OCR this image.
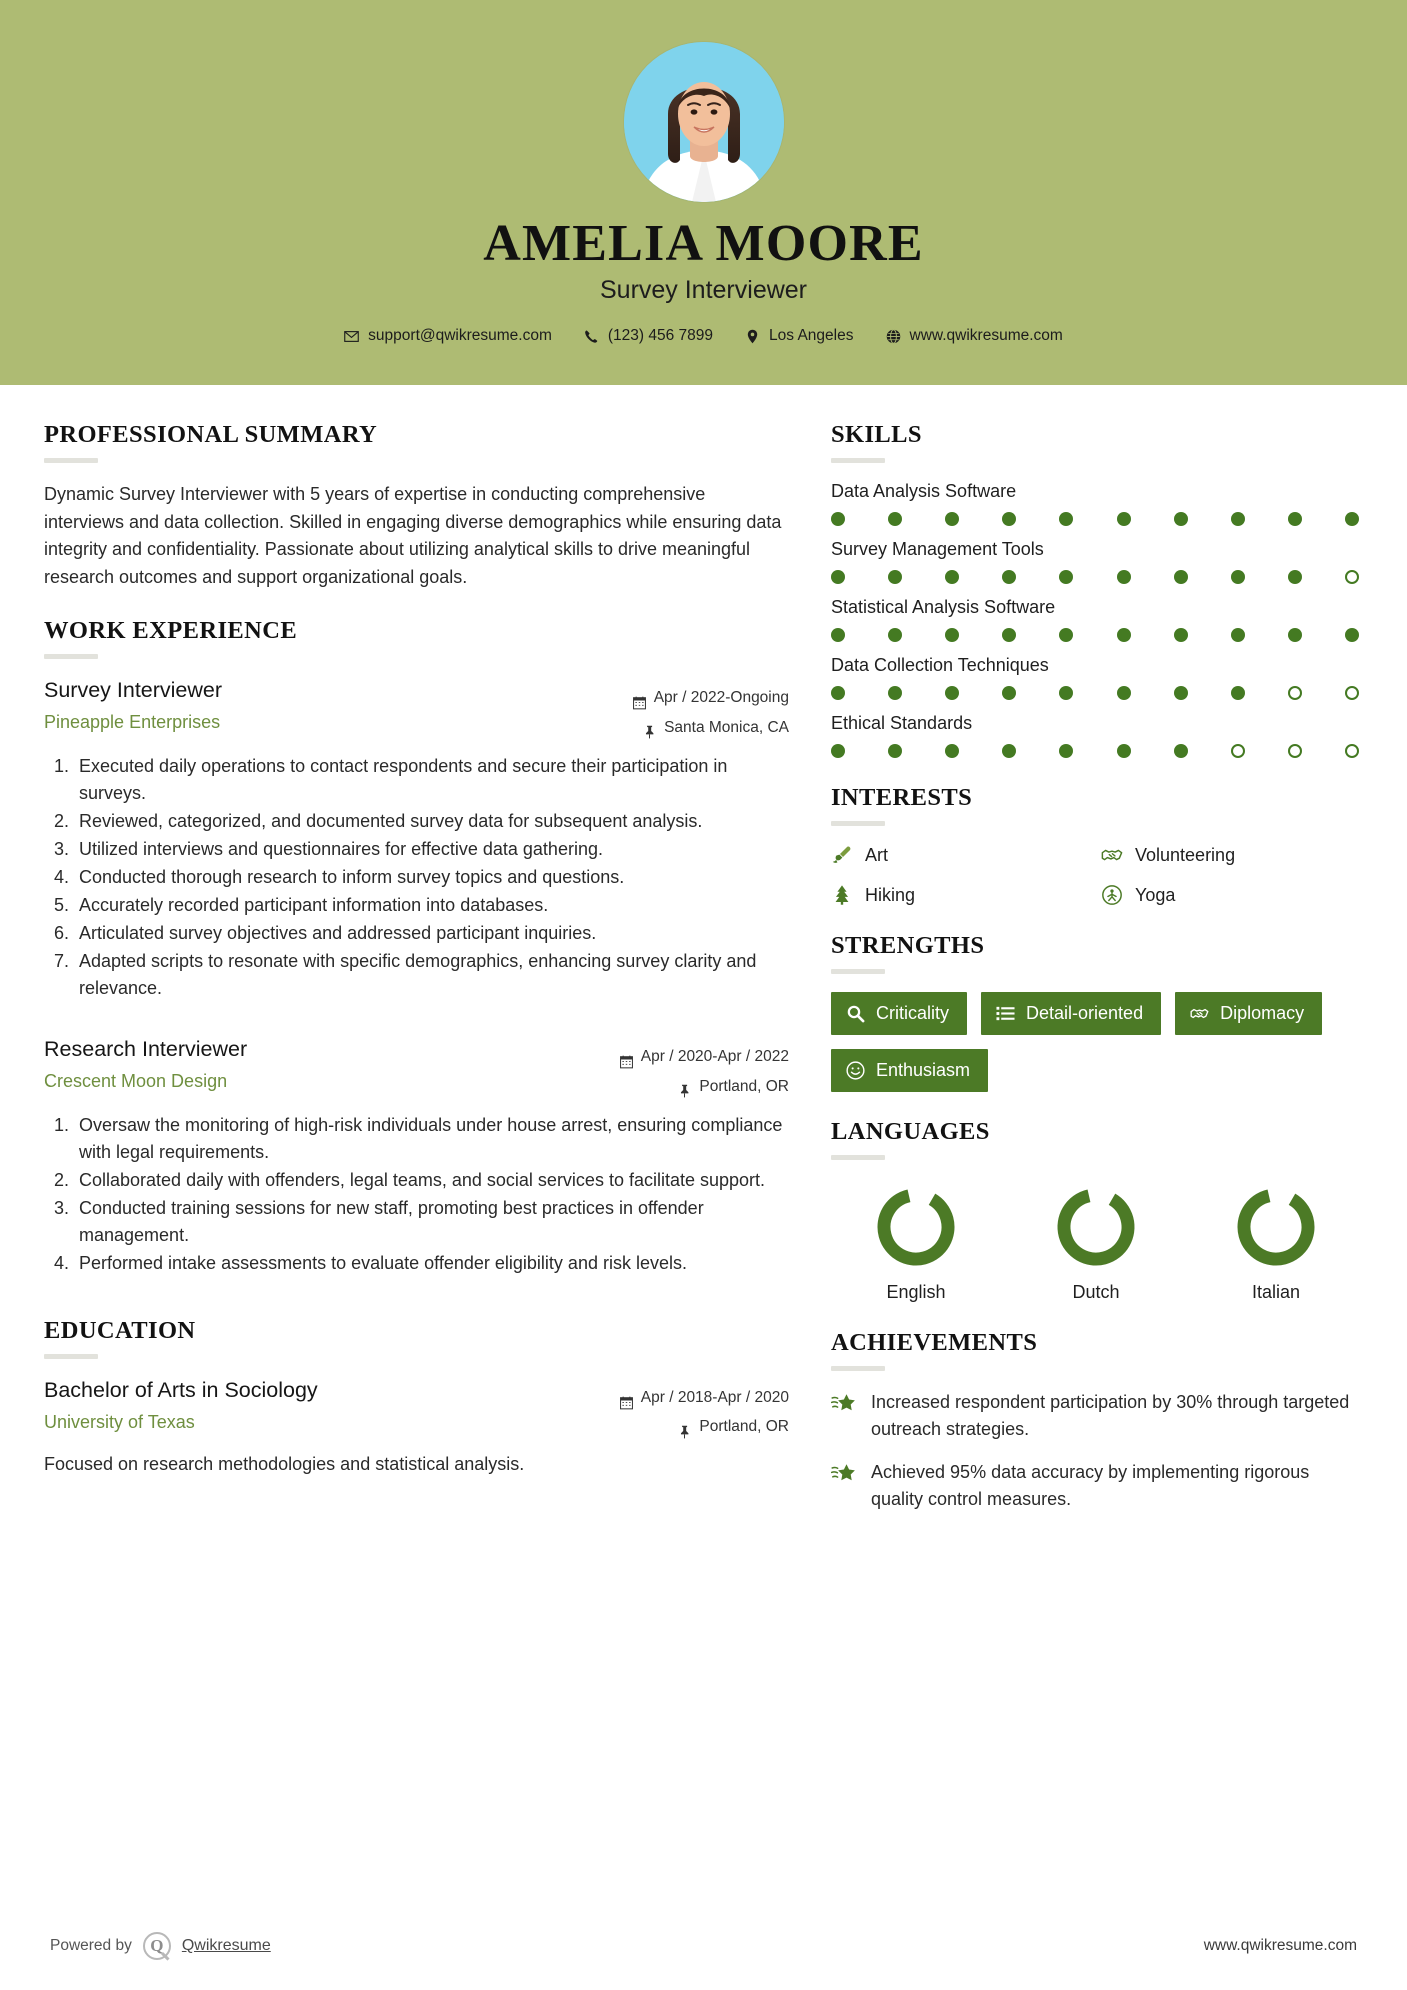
AMELIA MOORE
Survey Interviewer
support@qwikresume.com	(123) 456 7899	Los Angeles	www.qwikresume.com
PROFESSIONAL SUMMARY
Dynamic Survey Interviewer with 5 years of expertise in conducting comprehensive interviews and data collection. Skilled in engaging diverse demographics while ensuring data integrity and confidentiality. Passionate about utilizing analytical skills to drive meaningful research outcomes and support organizational goals.
WORK EXPERIENCE
Survey Interviewer
Pineapple Enterprises
Apr / 2022-Ongoing
Santa Monica, CA
1. Executed daily operations to contact respondents and secure their participation in surveys.
2. Reviewed, categorized, and documented survey data for subsequent analysis.
3. Utilized interviews and questionnaires for effective data gathering.
4. Conducted thorough research to inform survey topics and questions.
5. Accurately recorded participant information into databases.
6. Articulated survey objectives and addressed participant inquiries.
7. Adapted scripts to resonate with specific demographics, enhancing survey clarity and relevance.
Research Interviewer
Crescent Moon Design
Apr / 2020-Apr / 2022
Portland, OR
1. Oversaw the monitoring of high-risk individuals under house arrest, ensuring compliance with legal requirements.
2. Collaborated daily with offenders, legal teams, and social services to facilitate support.
3. Conducted training sessions for new staff, promoting best practices in offender management.
4. Performed intake assessments to evaluate offender eligibility and risk levels.
EDUCATION
Bachelor of Arts in Sociology
University of Texas
Apr / 2018-Apr / 2020
Portland, OR
Focused on research methodologies and statistical analysis.
SKILLS
Data Analysis Software
Survey Management Tools
Statistical Analysis Software
Data Collection Techniques
Ethical Standards
INTERESTS
Art	Volunteering
Hiking	Yoga
STRENGTHS
Criticality	Detail-oriented	Diplomacy
Enthusiasm
LANGUAGES
English	Dutch	Italian
ACHIEVEMENTS
Increased respondent participation by 30% through targeted outreach strategies.
Achieved 95% data accuracy by implementing rigorous quality control measures.
Powered by	Q	Qwikresume	www.qwikresume.com
